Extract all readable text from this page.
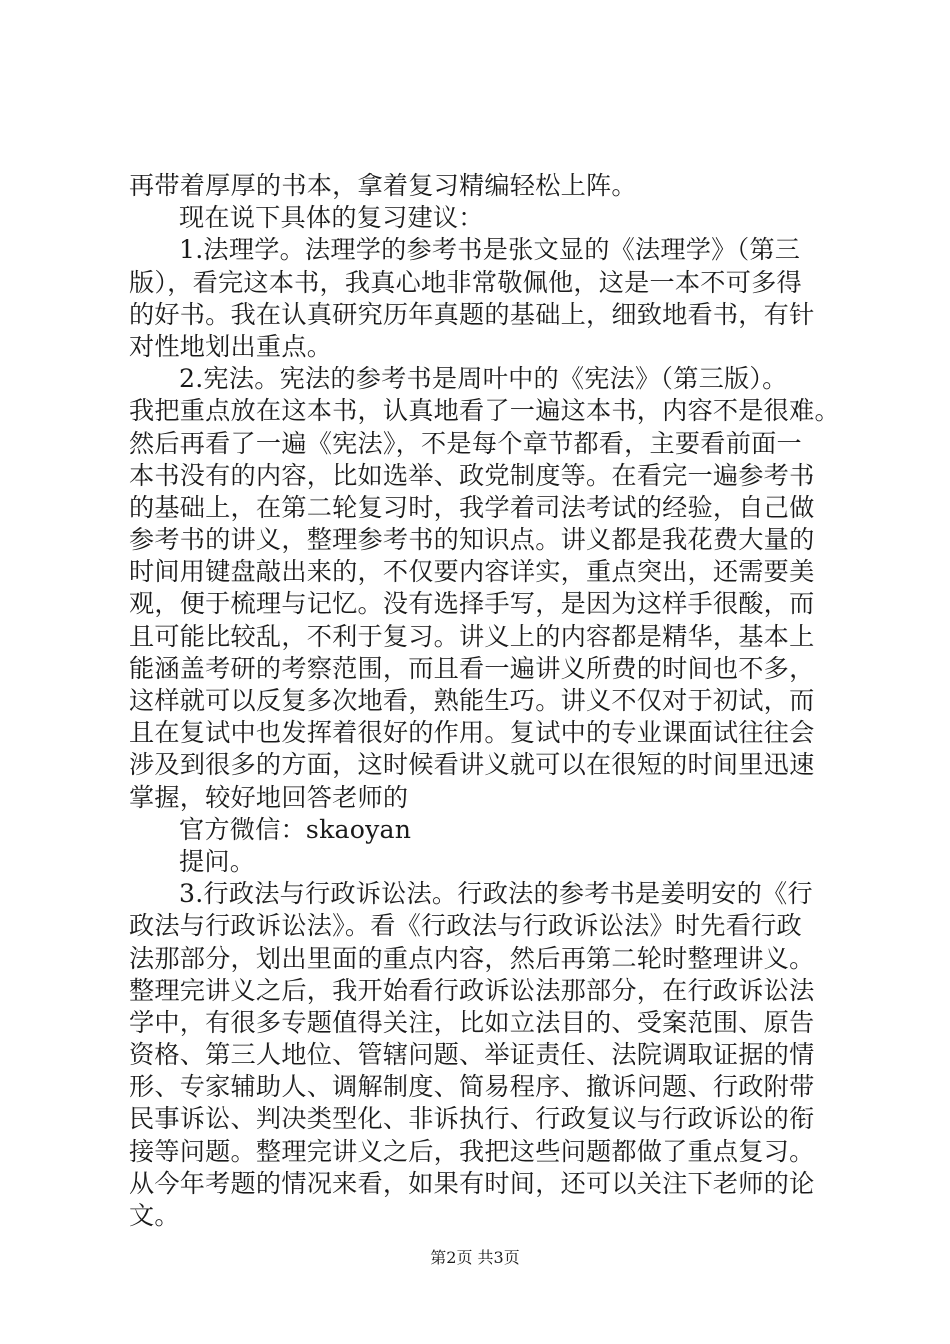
再带着厚厚的书本，拿着复习精编轻松上阵。
现在说下具体的复习建议：
1.法理学。法理学的参考书是张文显的《法理学》（第三
版），看完这本书，我真心地非常敬佩他，这是一本不可多得
的好书。我在认真研究历年真题的基础上，细致地看书，有针
对性地划出重点。
2.宪法。宪法的参考书是周叶中的《宪法》（第三版）。
我把重点放在这本书，认真地看了一遍这本书，内容不是很难。
然后再看了一遍《宪法》，不是每个章节都看，主要看前面一
本书没有的内容，比如选举、政党制度等。在看完一遍参考书
的基础上，在第二轮复习时，我学着司法考试的经验，自己做
参考书的讲义，整理参考书的知识点。讲义都是我花费大量的
时间用键盘敲出来的，不仅要内容详实，重点突出，还需要美
观，便于梳理与记忆。没有选择手写，是因为这样手很酸，而
且可能比较乱，不利于复习。讲义上的内容都是精华，基本上
能涵盖考研的考察范围，而且看一遍讲义所费的时间也不多，
这样就可以反复多次地看，熟能生巧。讲义不仅对于初试，而
且在复试中也发挥着很好的作用。复试中的专业课面试往往会
涉及到很多的方面，这时候看讲义就可以在很短的时间里迅速
掌握，较好地回答老师的
官方微信：skaoyan
提问。
3.行政法与行政诉讼法。行政法的参考书是姜明安的《行
政法与行政诉讼法》。看《行政法与行政诉讼法》时先看行政
法那部分，划出里面的重点内容，然后再第二轮时整理讲义。
整理完讲义之后，我开始看行政诉讼法那部分，在行政诉讼法
学中，有很多专题值得关注，比如立法目的、受案范围、原告
资格、第三人地位、管辖问题、举证责任、法院调取证据的情
形、专家辅助人、调解制度、简易程序、撤诉问题、行政附带
民事诉讼、判决类型化、非诉执行、行政复议与行政诉讼的衔
接等问题。整理完讲义之后，我把这些问题都做了重点复习。
从今年考题的情况来看，如果有时间，还可以关注下老师的论
文。
第2页 共3页
